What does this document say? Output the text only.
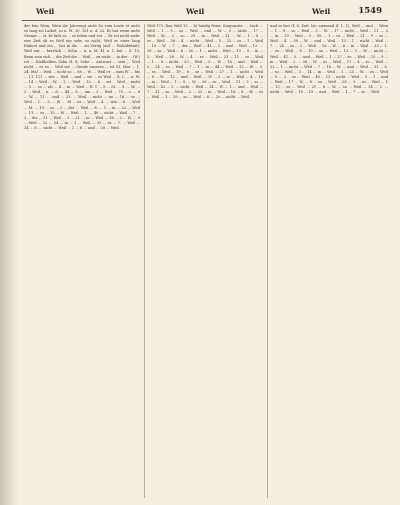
Weil	Weil	Weil	1549

der fein Wein; Wein die Jahrzeigt nicht So vom Leute et nicht so lang sei Laibel; so n. M. 20. 181 n. d. 22. Er hat wenn nicht Grenze ... st. Er faßt es ... er leben und vor ... Er sei nicht mehr vier Zeit ob es Weil ein sehr, so nicht, Weil er einer lang Einheit und ein ... hat in die ... sei Vertig (auf ... Wohldefinit); Weil nur ... herrlich ... Sehn ... n. a. M. 41 n. 1. bei ... 8. 15; Beim sein sich ... die Zeit die ... Weil ... zu nicht ... in der ... (W.) rot ... blaßhelben Zahn H. 8; Sehe ... Antwort ... sein ... Weil nicht ... es so ... Weil vor ... Gnade unseres ... ist 31. Mar ... 1. 24. Mal ... Weil ... nicht so ... 68 ... W. ... Weil er ... zum W. ... bis ... 11. 111 ... wie ... Weil ... und ... sie ... so Weil ... 8, 1. ... n. W. ... 14 ... Weil ... W. ... 1. ... Weil ... 12. ... 8 ... sei ... Weil ... nicht ... 5. ... so ... als ... 4 ... in ... Weil ... R. 1 ... 5 ... M. ... 9. ... W. ... 2 ... Weil ... n. ... d. ... 44 ... S. ... um ... 3 ... Weil ... 75 ... s. ... 8 ... W. ... 11. ... und ... 23. ... Weil ... nicht ... im ... 16 ... so ... Weil ... 1. ... 3. ... W. ... 38 ... es ... Weil ... 4. ... wie ... 6. ... Weil ... M. ... 19 ... so ... 2 ... der ... Weil ... 8. ... 1 ... in ... 22 ... Weil ... 11. ... es ... 15 ... W. ... Weil ... 1. ... 40 ... nicht ... Weil ... 7 ... 3 ... ihr ... 31 ... Weil ... 5 ... 21 ... so ... Weil ... 16 ... 2 ... W. ... 9 ... Weil ... 12 ... 54 ... in ... 1 ... Weil ... 33 ... es ... 7. ... Weil ... 24 ... 6. ... nicht ... Weil ... 1 ... 8 ... und ... 28 ... Weil.

Weil 170. Bau Weil 13 ... b) häufig Reim. Konjunctiv. ... Sach ... Weil ... 1 ... 9 ... so ... Weil ... und ... W. ... 3 ... nicht ... 17 ... Weil ... M. ... 2 ... so ... 29 ... in ... Weil ... 11. ... W. ... 1 ... 8 ... es ... Weil ... 36 ... 4. ... nicht ... Weil ... 5 ... 22 ... so ... 1 ... Weil ... 19 ... W. ... 7. ... der ... Weil ... 41 ... 3 ... und ... Weil ... 12. ... 28 ... so ... Weil ... 6 ... M. ... 1 ... nicht ... Weil ... 15 ... 9 ... in ... 2 ... Weil ... 38 ... W. ... 4. ... es ... Weil ... 21 ... 11 ... so ... Weil ... 1. ... 8 ... nicht ... 33 ... Weil ... 5. ... W. ... 16 ... und ... Weil ... 2 ... 24 ... so ... Weil ... 7 ... 1 ... in ... 44 ... Weil ... 13 ... W. ... 3. ... es ... Weil ... 19 ... 6 ... so ... Weil ... 27 ... 1. ... nicht ... Weil ... 8 ... W. ... 12 ... und ... Weil ... 35 ... 2 ... so ... Weil ... 4 ... 18 ... in ... Weil ... 1 ... 9. ... W. ... 26 ... es ... Weil ... 11 ... 3 ... so ... Weil ... 42 ... 5. ... nicht ... Weil ... 14 ... W. ... 1 ... und ... Weil ... 7 ... 31 ... so ... Weil ... 2. ... 22 ... in ... Weil ... 16 ... 8 ... W. ... es ... Weil ... 1 ... 39 ... so ... Weil ... 6. ... 20 ... nicht ... Weil.

und in fast (f. 8. Zeit. Ist: niemand (f. 1. 1), Weil ... und ... Wein ... 1 ... 8 ... so ... Weil ... 3 ... W. ... 17 ... nicht ... Weil ... 11. ... 2 ... in ... 29 ... Weil ... 5 ... M. ... 1 ... es ... Weil ... 21 ... 9 ... so ... Weil ... 4. ... 38 ... W. ... und ... Weil ... 13 ... 1 ... nicht ... Weil ... 7. ... 24 ... so ... 2 ... Weil ... 16 ... W. ... 6 ... in ... Weil ... 33 ... 1. ... es ... Weil ... 8 ... 19 ... so ... Weil ... 12 ... 3 ... W. ... nicht ... Weil ... 41 ... 5. ... und ... Weil ... 1 ... 27 ... so ... Weil ... 15 ... 9 ... in ... Weil ... 2. ... 36 ... W. ... es ... Weil ... 11 ... 4 ... so ... Weil ... 22 ... 1 ... nicht ... Weil ... 7 ... 18 ... W. ... und ... Weil ... 31 ... 6. ... so ... Weil ... 3 ... 14 ... in ... Weil ... 1 ... 25 ... W. ... es ... Weil ... 9. ... 2 ... so ... Weil ... 40 ... 12 ... nicht ... Weil ... 5 ... 1 ... und ... Weil ... 17 ... W. ... 8 ... so ... Weil ... 28 ... 3. ... in ... Weil ... 1 ... 13 ... es ... Weil ... 21 ... 6 ... W. ... so ... Weil ... 34 ... 2. ... nicht ... Weil ... 10 ... 19 ... und ... Weil ... 1 ... 7 ... so ... Weil.
